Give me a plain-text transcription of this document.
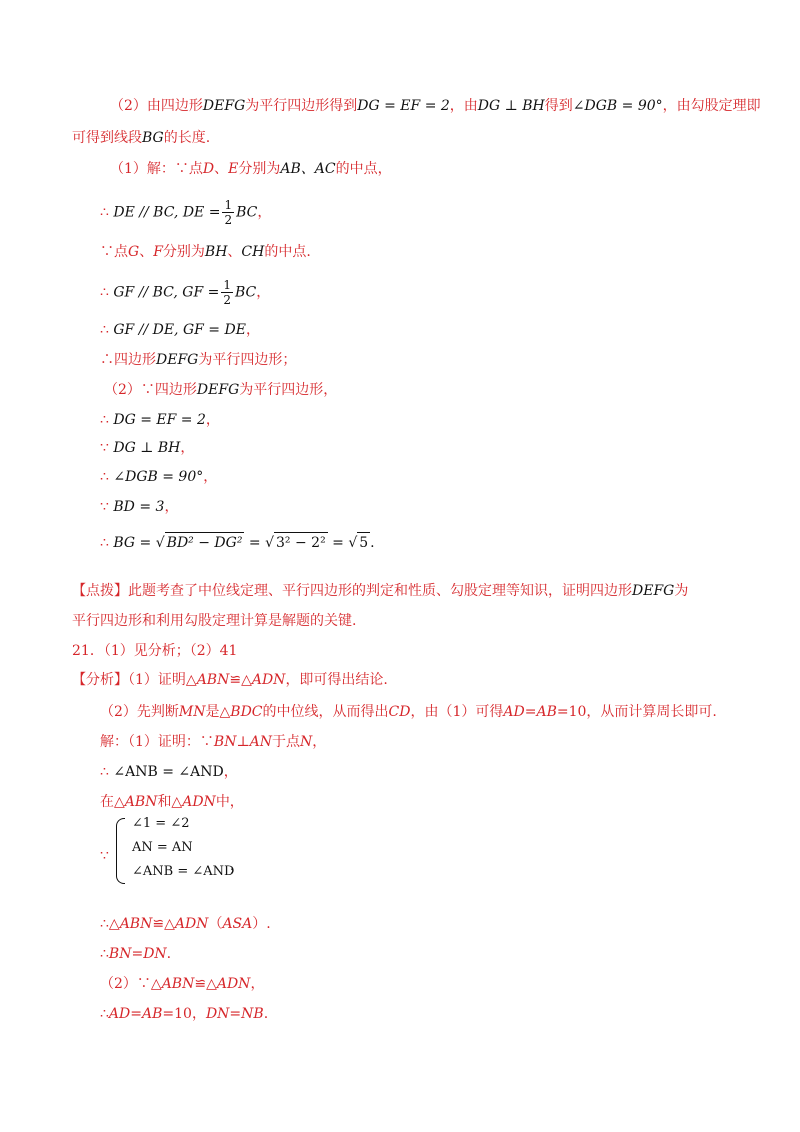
（2）由四边形DEFG为平行四边形得到DG = EF = 2，由DG ⊥ BH得到∠DGB = 90°，由勾股定理即
可得到线段BG的长度.
（1）解：∵点D、E分别为AB、AC的中点，
∴ DE // BC, DE = $\frac{1}{2}$ BC，
∵点G、F分别为BH、CH的中点.
∴ GF // BC, GF = $\frac{1}{2}$ BC，
∴ GF // DE, GF = DE，
∴四边形DEFG为平行四边形；
（2）∵四边形DEFG为平行四边形，
∴ DG = EF = 2，
∵ DG ⊥ BH，
∴ ∠DGB = 90°，
∵ BD = 3，
∴ BG = √ BD² − DG² = √ 3² − 2² = √ 5 .
【点拨】此题考查了中位线定理、平行四边形的判定和性质、勾股定理等知识，证明四边形DEFG为
平行四边形和利用勾股定理计算是解题的关键.
21．（1）见分析；（2）41
【分析】（1）证明△ABN≌△ADN，即可得出结论.
（2）先判断MN是△BDC的中位线，从而得出CD，由（1）可得AD=AB=10，从而计算周长即可.
解：（1）证明：∵BN⊥AN于点N，
∴ ∠ANB = ∠AND，
在△ABN和△ADN中，
∵
∠1 = ∠2
AN = AN
∠ANB = ∠AND
，
∴△ABN≌△ADN（ASA）.
∴BN=DN.
（2）∵△ABN≌△ADN，
∴AD=AB=10，DN=NB.
